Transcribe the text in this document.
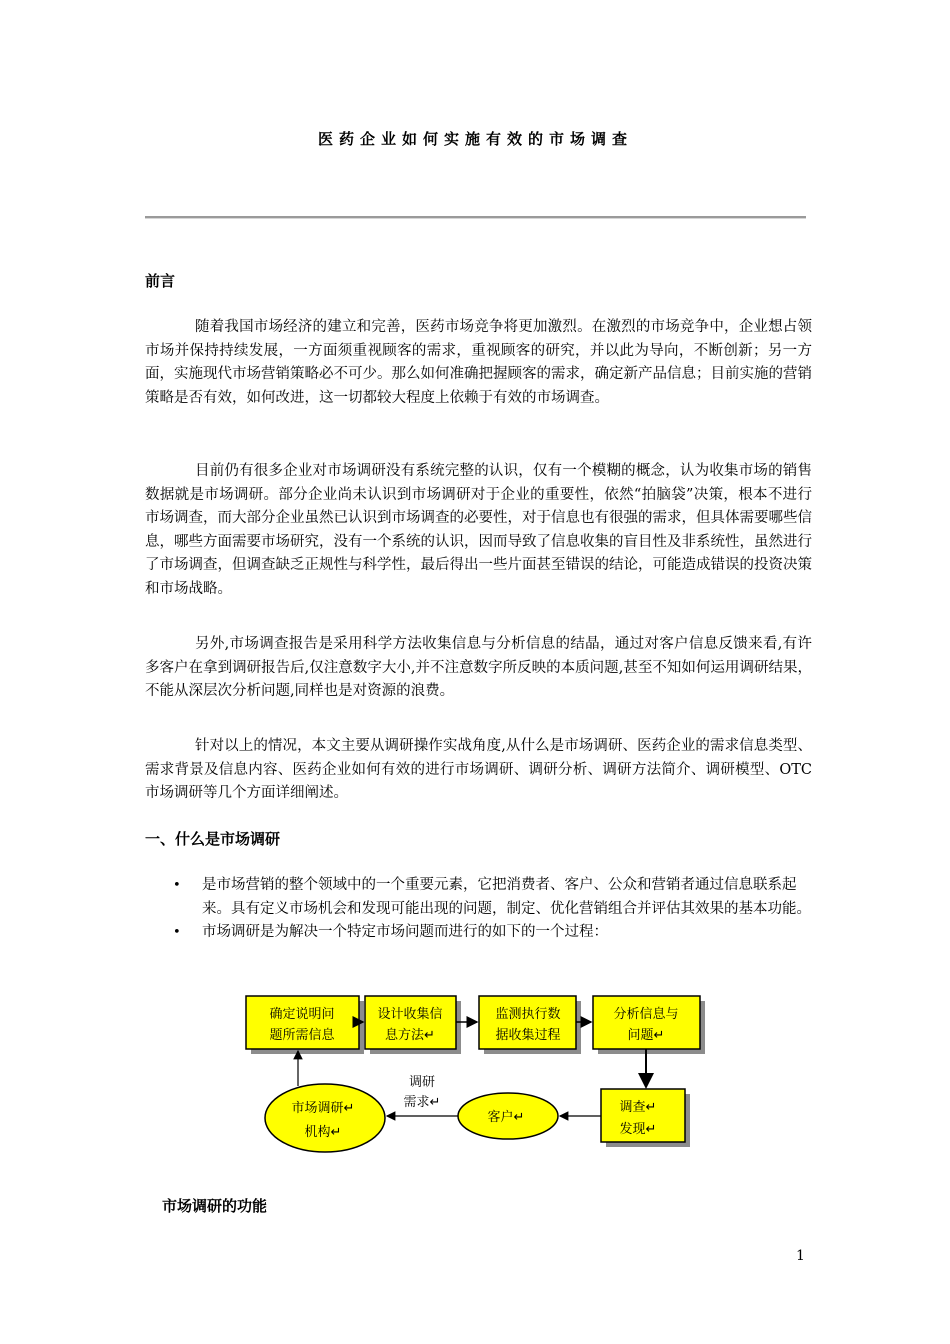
医药企业如何实施有效的市场调查
前言
随着我国市场经济的建立和完善，医药市场竞争将更加激烈。在激烈的市场竞争中，企业想占领市场并保持持续发展，一方面须重视顾客的需求，重视顾客的研究，并以此为导向，不断创新；另一方面，实施现代市场营销策略必不可少。那么如何准确把握顾客的需求，确定新产品信息；目前实施的营销策略是否有效，如何改进，这一切都较大程度上依赖于有效的市场调查。
目前仍有很多企业对市场调研没有系统完整的认识，仅有一个模糊的概念，认为收集市场的销售数据就是市场调研。部分企业尚未认识到市场调研对于企业的重要性，依然“拍脑袋”决策，根本不进行市场调查，而大部分企业虽然已认识到市场调查的必要性，对于信息也有很强的需求，但具体需要哪些信息，哪些方面需要市场研究，没有一个系统的认识，因而导致了信息收集的盲目性及非系统性，虽然进行了市场调查，但调查缺乏正规性与科学性，最后得出一些片面甚至错误的结论，可能造成错误的投资决策和市场战略。
另外,市场调查报告是采用科学方法收集信息与分析信息的结晶，通过对客户信息反馈来看,有许多客户在拿到调研报告后,仅注意数字大小,并不注意数字所反映的本质问题,甚至不知如何运用调研结果，不能从深层次分析问题,同样也是对资源的浪费。
针对以上的情况，本文主要从调研操作实战角度,从什么是市场调研、医药企业的需求信息类型、需求背景及信息内容、医药企业如何有效的进行市场调研、调研分析、调研方法简介、调研模型、OTC市场调研等几个方面详细阐述。
一、什么是市场调研
• 是市场营销的整个领域中的一个重要元素，它把消费者、客户、公众和营销者通过信息联系起来。具有定义市场机会和发现可能出现的问题，制定、优化营销组合并评估其效果的基本功能。
• 市场调研是为解决一个特定市场问题而进行的如下的一个过程：
确定说明问
题所需信息
设计收集信
息方法↵
监测执行数
据收集过程
分析信息与
问题↵
调查↵
发现↵
客户↵
市场调研↵
机构↵
调研
需求↵
市场调研的功能
1
